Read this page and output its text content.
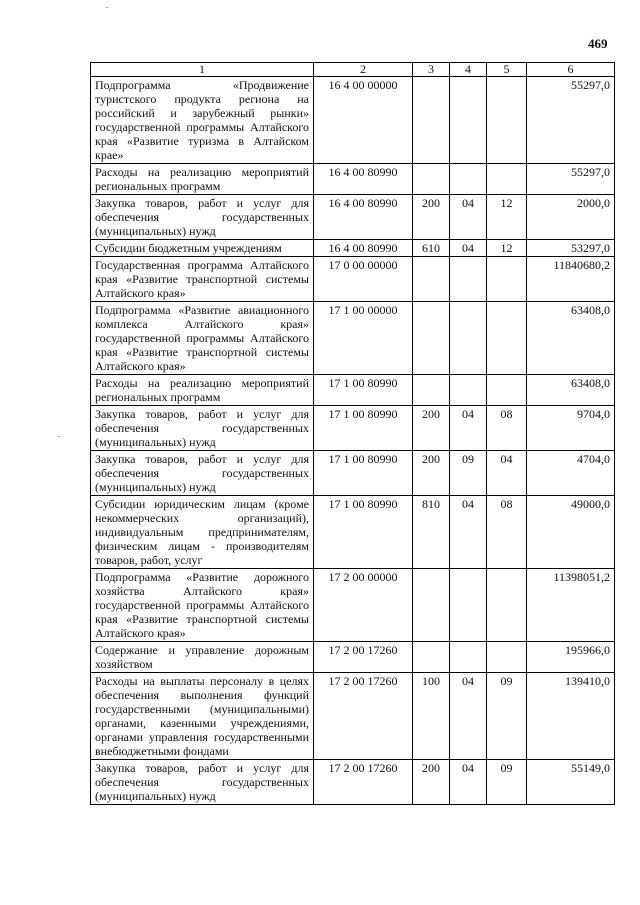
469
1	2	3	4	5	6
Подпрограмма «Продвижение туристского продукта региона на российский и зарубежный рынки» государственной программы Алтайского края «Развитие туризма в Алтайском крае»	16 4 00 00000				55297,0
Расходы на реализацию мероприятий региональных программ	16 4 00 80990				55297,0
Закупка товаров, работ и услуг для обеспечения государственных (муниципальных) нужд	16 4 00 80990	200	04	12	2000,0
Субсидии бюджетным учреждениям	16 4 00 80990	610	04	12	53297,0
Государственная программа Алтайского края «Развитие транспортной системы Алтайского края»	17 0 00 00000				11840680,2
Подпрограмма «Развитие авиационного комплекса Алтайского края» государственной программы Алтайского края «Развитие транспортной системы Алтайского края»	17 1 00 00000				63408,0
Расходы на реализацию мероприятий региональных программ	17 1 00 80990				63408,0
Закупка товаров, работ и услуг для обеспечения государственных (муниципальных) нужд	17 1 00 80990	200	04	08	9704,0
Закупка товаров, работ и услуг для обеспечения государственных (муниципальных) нужд	17 1 00 80990	200	09	04	4704,0
Субсидии юридическим лицам (кроме некоммерческих организаций), индивидуальным предпринимателям, физическим лицам - производителям товаров, работ, услуг	17 1 00 80990	810	04	08	49000,0
Подпрограмма «Развитие дорожного хозяйства Алтайского края» государственной программы Алтайского края «Развитие транспортной системы Алтайского края»	17 2 00 00000				11398051,2
Содержание и управление дорожным хозяйством	17 2 00 17260				195966,0
Расходы на выплаты персоналу в целях обеспечения выполнения функций государственными (муниципальными) органами, казенными учреждениями, органами управления государственными внебюджетными фондами	17 2 00 17260	100	04	09	139410,0
Закупка товаров, работ и услуг для обеспечения государственных (муниципальных) нужд	17 2 00 17260	200	04	09	55149,0
